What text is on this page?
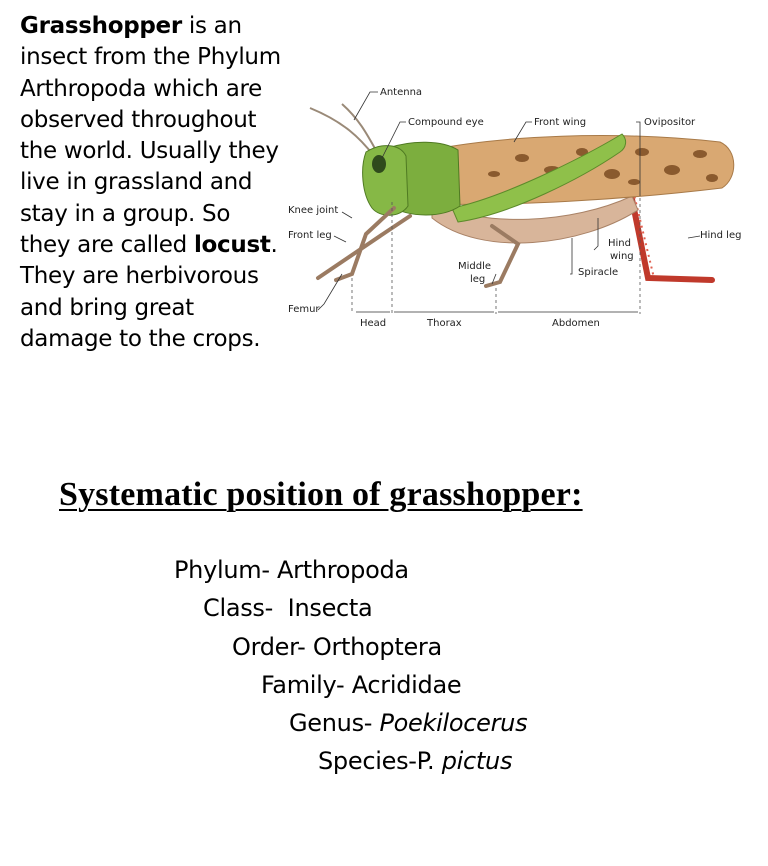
Grasshopper is an insect from the Phylum Arthropoda which are observed throughout the world. Usually they live in grassland and stay in a group. So they are called locust. They are herbivorous and bring great damage to the crops.
Antenna
Compound eye	Front wing	Ovipositor
Knee joint
Front leg	Hind leg
Hind
wing
Middle
leg
Spiracle
Femur
Head	Thorax	Abdomen
Systematic position of grasshopper:
Phylum- Arthropoda
Class-  Insecta
Order- Orthoptera
Family- Acrididae
Genus- Poekilocerus
Species-P. pictus
